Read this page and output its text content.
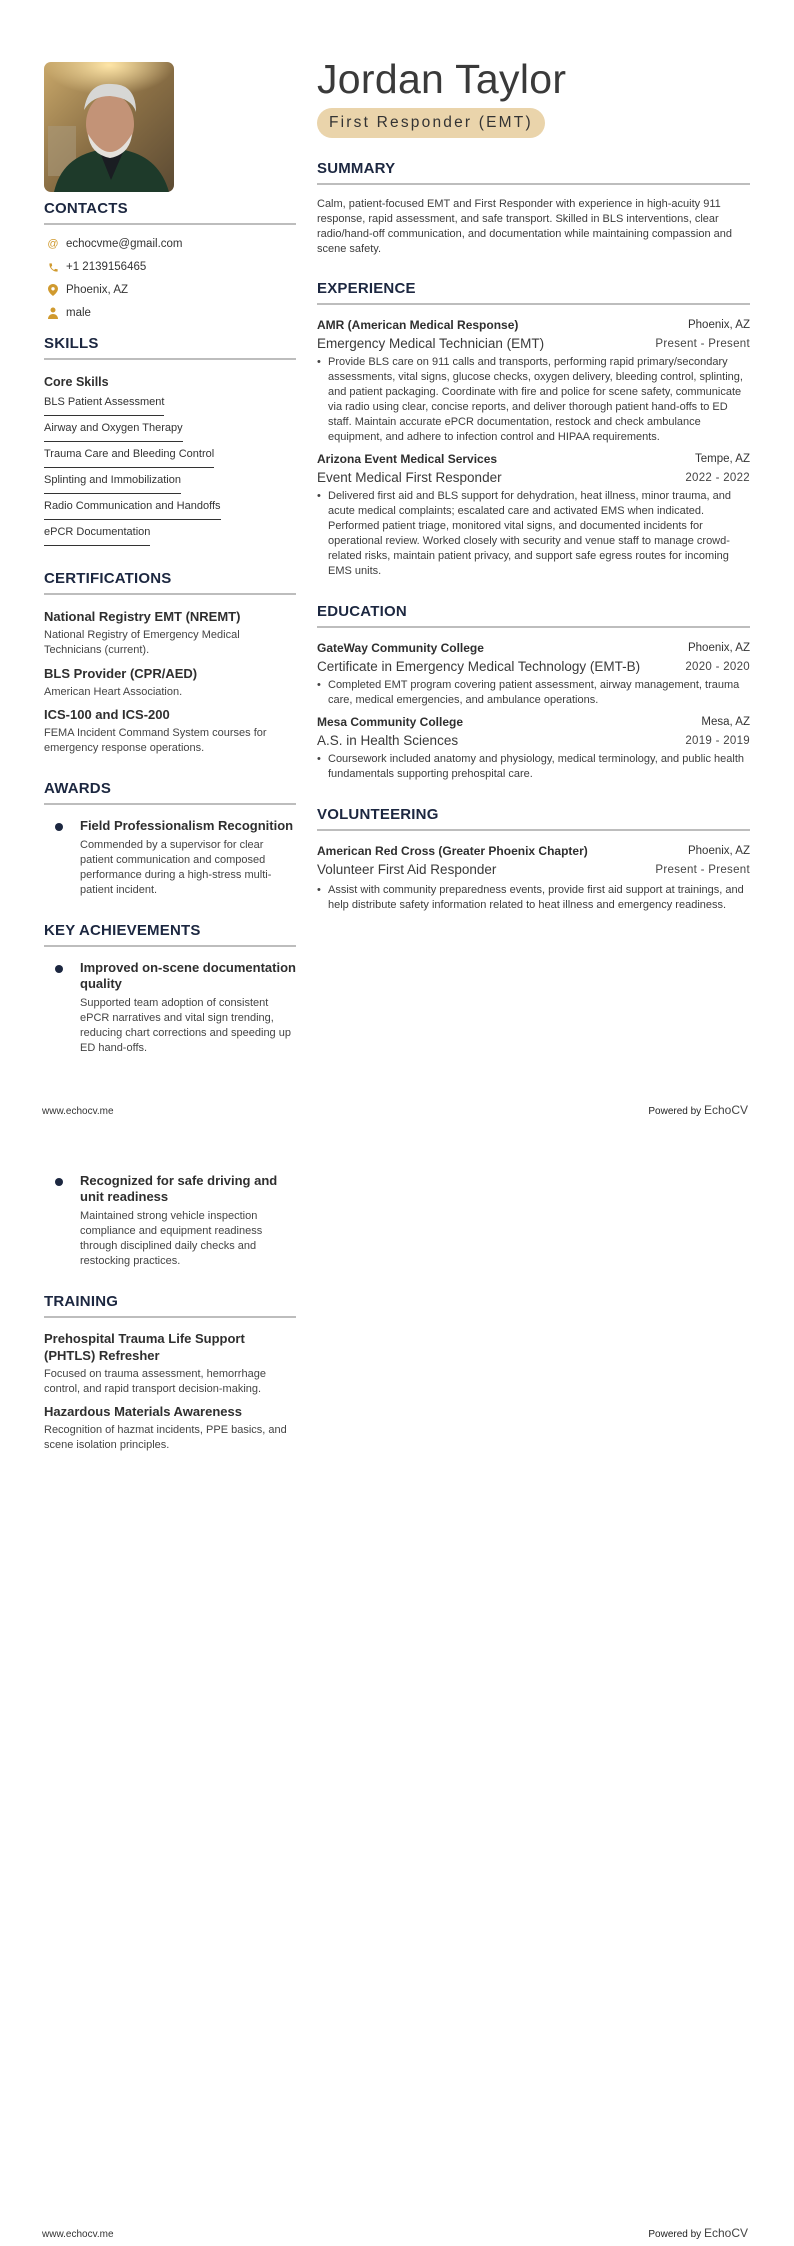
CONTACTS
@ echocvme@gmail.com
+1 2139156465
Phoenix, AZ
male
SKILLS
Core Skills
BLS Patient Assessment
Airway and Oxygen Therapy
Trauma Care and Bleeding Control
Splinting and Immobilization
Radio Communication and Handoffs
ePCR Documentation
CERTIFICATIONS
National Registry EMT (NREMT)
National Registry of Emergency Medical Technicians (current).
BLS Provider (CPR/AED)
American Heart Association.
ICS-100 and ICS-200
FEMA Incident Command System courses for emergency response operations.
AWARDS
Field Professionalism Recognition
Commended by a supervisor for clear patient communication and composed performance during a high-stress multi-patient incident.
KEY ACHIEVEMENTS
Improved on-scene documentation quality
Supported team adoption of consistent ePCR narratives and vital sign trending, reducing chart corrections and speeding up ED hand-offs.
Jordan Taylor
First Responder (EMT)
SUMMARY
Calm, patient-focused EMT and First Responder with experience in high-acuity 911 response, rapid assessment, and safe transport. Skilled in BLS interventions, clear radio/hand-off communication, and documentation while maintaining compassion and scene safety.
EXPERIENCE
AMR (American Medical Response)	Phoenix, AZ
Emergency Medical Technician (EMT)	Present - Present
• Provide BLS care on 911 calls and transports, performing rapid primary/secondary assessments, vital signs, glucose checks, oxygen delivery, bleeding control, splinting, and patient packaging. Coordinate with fire and police for scene safety, communicate via radio using clear, concise reports, and deliver thorough patient hand-offs to ED staff. Maintain accurate ePCR documentation, restock and check ambulance equipment, and adhere to infection control and HIPAA requirements.
Arizona Event Medical Services	Tempe, AZ
Event Medical First Responder	2022 - 2022
• Delivered first aid and BLS support for dehydration, heat illness, minor trauma, and acute medical complaints; escalated care and activated EMS when indicated. Performed patient triage, monitored vital signs, and documented incidents for operational review. Worked closely with security and venue staff to manage crowd-related risks, maintain patient privacy, and support safe egress routes for incoming EMS units.
EDUCATION
GateWay Community College	Phoenix, AZ
Certificate in Emergency Medical Technology (EMT-B)	2020 - 2020
• Completed EMT program covering patient assessment, airway management, trauma care, medical emergencies, and ambulance operations.
Mesa Community College	Mesa, AZ
A.S. in Health Sciences	2019 - 2019
• Coursework included anatomy and physiology, medical terminology, and public health fundamentals supporting prehospital care.
VOLUNTEERING
American Red Cross (Greater Phoenix Chapter)	Phoenix, AZ
Volunteer First Aid Responder	Present - Present
• Assist with community preparedness events, provide first aid support at trainings, and help distribute safety information related to heat illness and emergency readiness.
www.echocv.me	Powered by EchoCV
Recognized for safe driving and unit readiness
Maintained strong vehicle inspection compliance and equipment readiness through disciplined daily checks and restocking practices.
TRAINING
Prehospital Trauma Life Support (PHTLS) Refresher
Focused on trauma assessment, hemorrhage control, and rapid transport decision-making.
Hazardous Materials Awareness
Recognition of hazmat incidents, PPE basics, and scene isolation principles.
www.echocv.me	Powered by EchoCV
